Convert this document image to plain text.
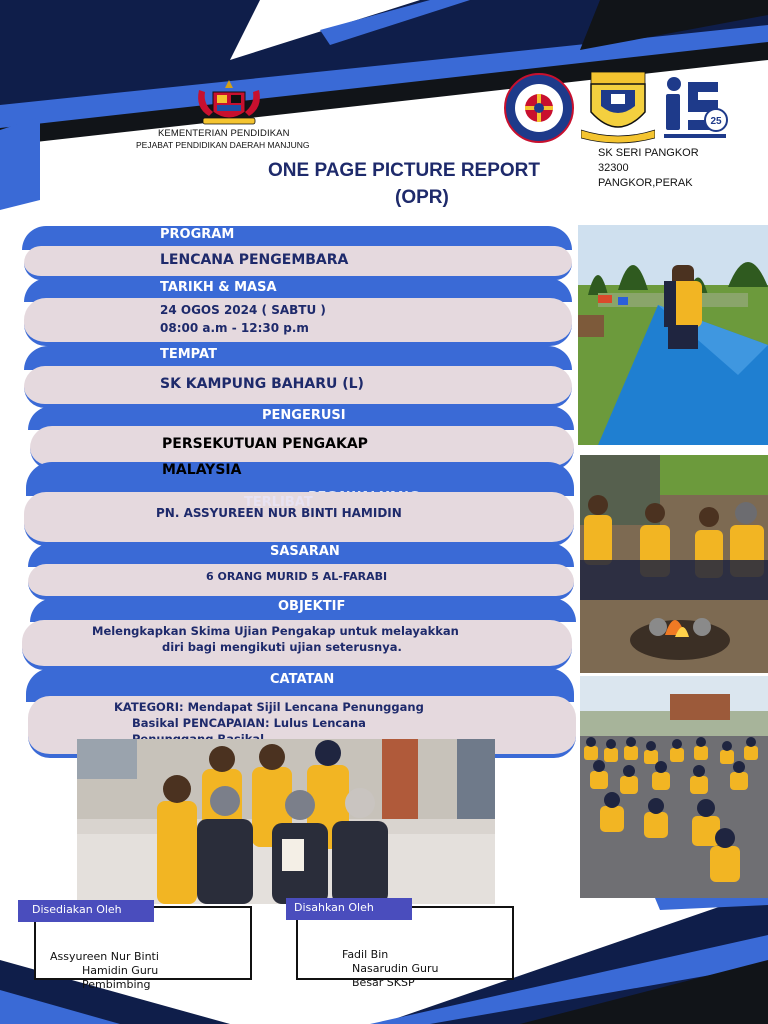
KEMENTERIAN PENDIDIKAN
PEJABAT PENDIDIKAN DAERAH MANJUNG
25
ONE PAGE PICTURE REPORT
(OPR)
SK SERI PANGKOR
32300
PANGKOR,PERAK
PROGRAM
LENCANA PENGEMBARA
TARIKH & MASA
24 OGOS 2024 ( SABTU )
08:00 a.m - 12:30 p.m
TEMPAT
SK KAMPUNG BAHARU (L)
PENGERUSI
PERSEKUTUAN PENGAKAP
MALAYSIA
TERLIBAT
PN. ASSYUREEN NUR BINTI HAMIDIN
SASARAN
6 ORANG MURID 5 AL-FARABI
OBJEKTIF
Melengkapkan Skima Ujian Pengakap untuk melayakkan
diri bagi mengikuti ujian seterusnya.
CATATAN
KATEGORI: Mendapat Sijil Lencana Penunggang
Basikal PENCAPAIAN: Lulus Lencana
Disediakan Oleh
Assyureen Nur Binti
Hamidin Guru
Pembimbing
Disahkan Oleh
Fadil Bin
Nasarudin Guru
Besar SKSP
